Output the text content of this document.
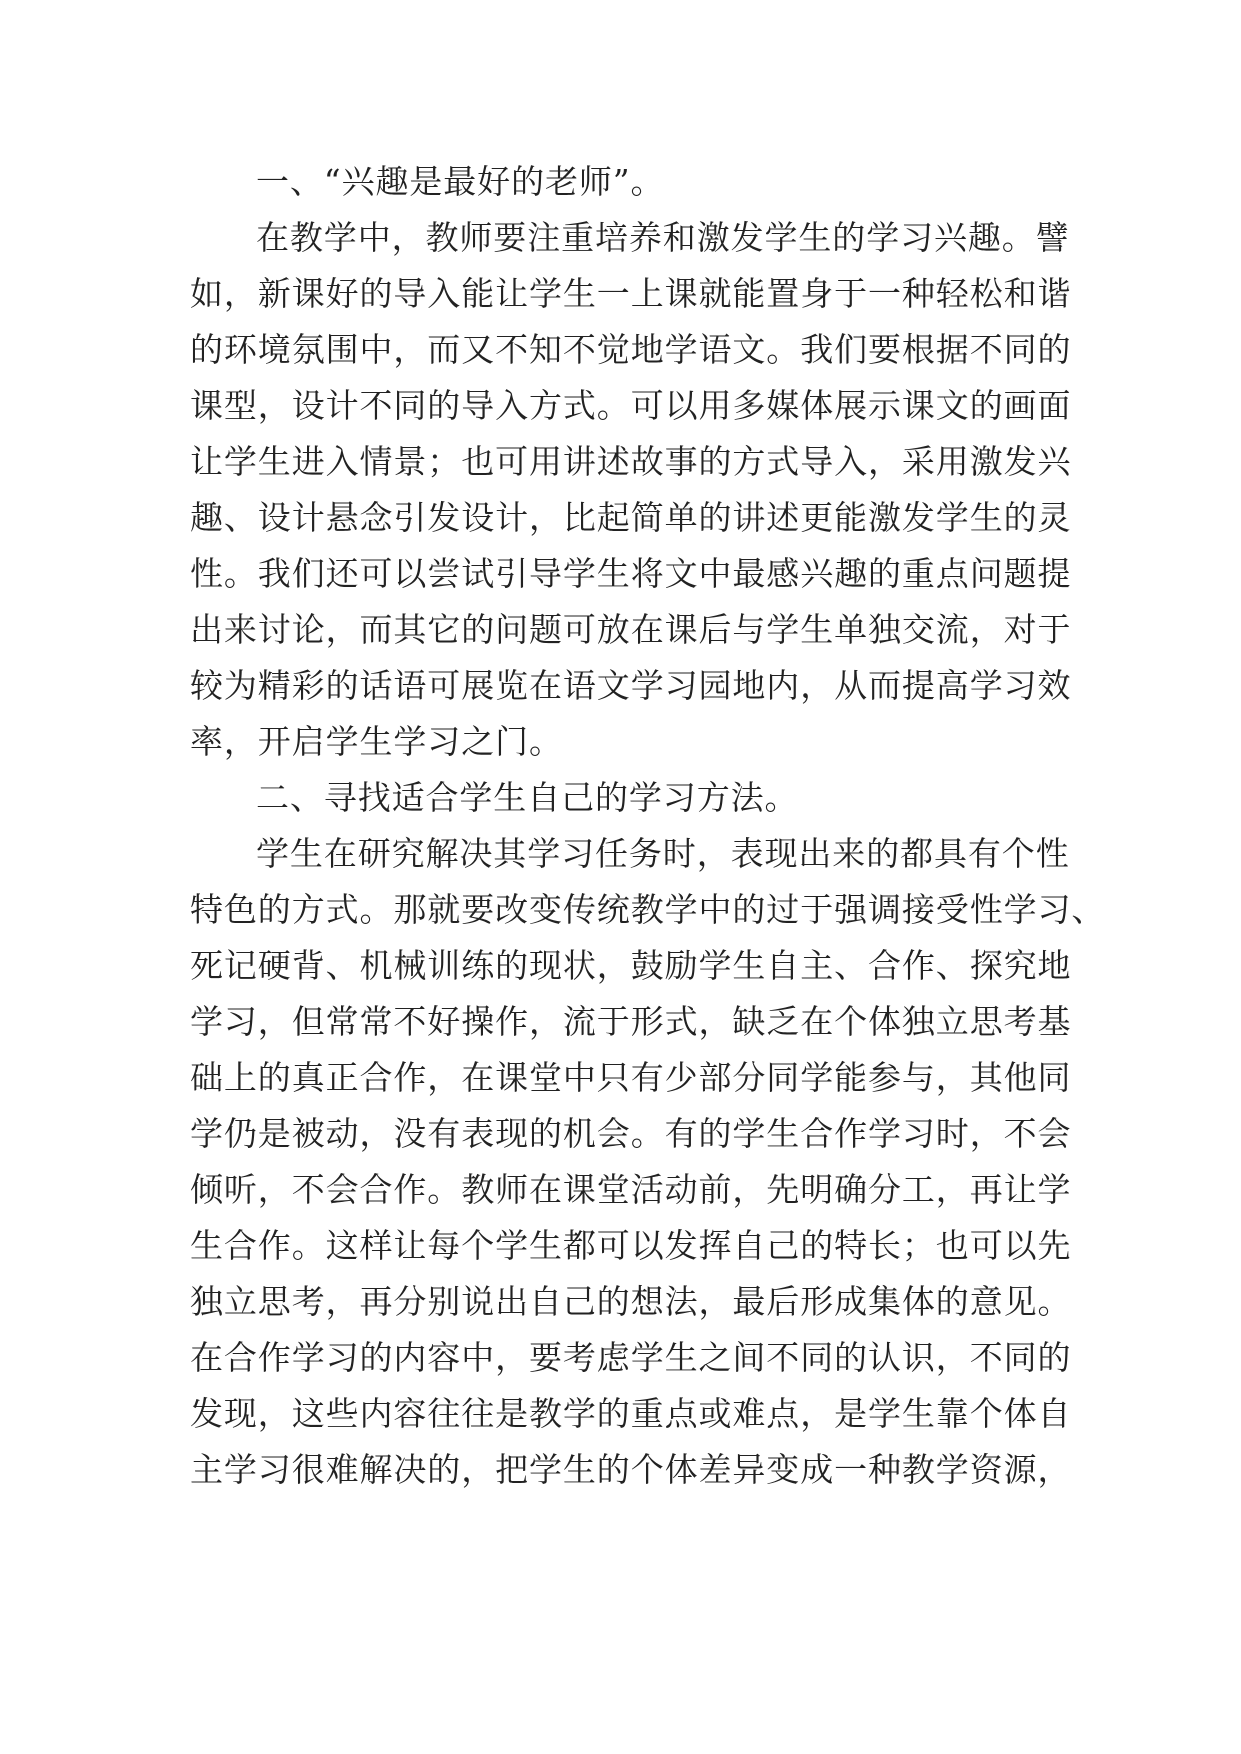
一、“兴趣是最好的老师”。
在教学中，教师要注重培养和激发学生的学习兴趣。譬
如，新课好的导入能让学生一上课就能置身于一种轻松和谐
的环境氛围中，而又不知不觉地学语文。我们要根据不同的
课型，设计不同的导入方式。可以用多媒体展示课文的画面
让学生进入情景；也可用讲述故事的方式导入，采用激发兴
趣、设计悬念引发设计，比起简单的讲述更能激发学生的灵
性。我们还可以尝试引导学生将文中最感兴趣的重点问题提
出来讨论，而其它的问题可放在课后与学生单独交流，对于
较为精彩的话语可展览在语文学习园地内，从而提高学习效
率，开启学生学习之门。
二、寻找适合学生自己的学习方法。
学生在研究解决其学习任务时，表现出来的都具有个性
特色的方式。那就要改变传统教学中的过于强调接受性学习、
死记硬背、机械训练的现状，鼓励学生自主、合作、探究地
学习，但常常不好操作，流于形式，缺乏在个体独立思考基
础上的真正合作，在课堂中只有少部分同学能参与，其他同
学仍是被动，没有表现的机会。有的学生合作学习时，不会
倾听，不会合作。教师在课堂活动前，先明确分工，再让学
生合作。这样让每个学生都可以发挥自己的特长；也可以先
独立思考，再分别说出自己的想法，最后形成集体的意见。
在合作学习的内容中，要考虑学生之间不同的认识，不同的
发现，这些内容往往是教学的重点或难点，是学生靠个体自
主学习很难解决的，把学生的个体差异变成一种教学资源，
